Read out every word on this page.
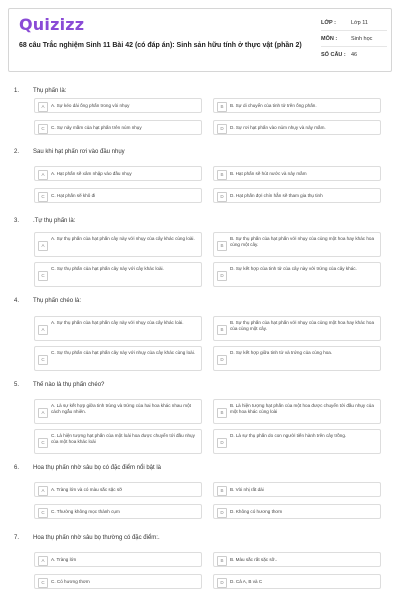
Quizizz
68 câu Trắc nghiệm Sinh 11 Bài 42 (có đáp án): Sinh sản hữu tính ở thực vật (phần 2)
LỚP :	Lớp 11
MÔN :	Sinh học
SỐ CÂU : 46
1. Thụ phấn là:
A	A. Sự kéo dài ống phấn trong vòi nhụy	B	B. Sự di chuyển của tinh tử trên ống phấn.
C	C. Sự nảy mầm của hạt phấn trên núm nhụy	D	D. Sự rơi hạt phấn vào núm nhụy và nảy mầm.
2. Sau khi hạt phấn rơi vào đầu nhụy
A	A. Hạt phấn sẽ xâm nhập vào đầu nhụy	B	B. Hạt phấn sẽ hút nước và nảy mầm
C	C. Hạt phấn sẽ khô đi	D	D. Hạt phấn đợi chín hẳn sẽ tham gia thụ tinh
3. .Tự thụ phấn là:
A
A. Sự thụ phấn của hạt phấn cây này với nhụy của cây khác cùng loài.
B
B. Sự thụ phấn của hạt phấn với nhụy của cùng một hoa hay khác hoa cùng một cây.
C
C. Sự thụ phấn của hạt phấn cây này với cây khác loài.
D
D. Sự kết hợp của tinh tử của cây này với trứng của cây khác.
4. Thụ phấn chéo là:
A
A. Sự thụ phấn của hạt phấn cây này với nhụy của cây khác loài.
B
B. Sự thụ phấn của hạt phấn với nhụy của cùng một hoa hay khác hoa của cùng một cây.
C
C. Sự thụ phấn của hạt phấn cây này với nhụy của cây khác cùng loài.
D
D. Sự kết hợp giữa tinh tử và trứng của cùng hoa.
5. Thế nào là thụ phấn chéo?
A
A. Là sự kết hợp giữa tinh trùng và trứng của hai hoa khác nhau một cách ngẫu nhiên.	B
B. Là hiện tượng hạt phấn của một hoa được chuyển tới đầu nhụy của một hoa khác cùng loài
C
C. Là hiện tượng hạt phấn của một loài hoa được chuyển tới đầu nhụy của một hoa khác loài	D
D. Là sự thụ phấn do con người tiến hành trên cây trồng.
6. Hoa thụ phấn nhờ sâu bọ có đặc điểm nổi bật là
A	A. Tràng lớn và có màu sắc sặc sỡ	B	B. Vòi nhị rất dài
C	C. Thường không mọc thành cụm	D	D. Không có hương thơm
7. Hoa thụ phấn nhờ sâu bọ thường có đặc điểm:.
A	A. Tràng lớn	B	B. Màu sắc rất sặc sỡ..
C	C. Có hương thơm	D	D. Cả A, B và C
